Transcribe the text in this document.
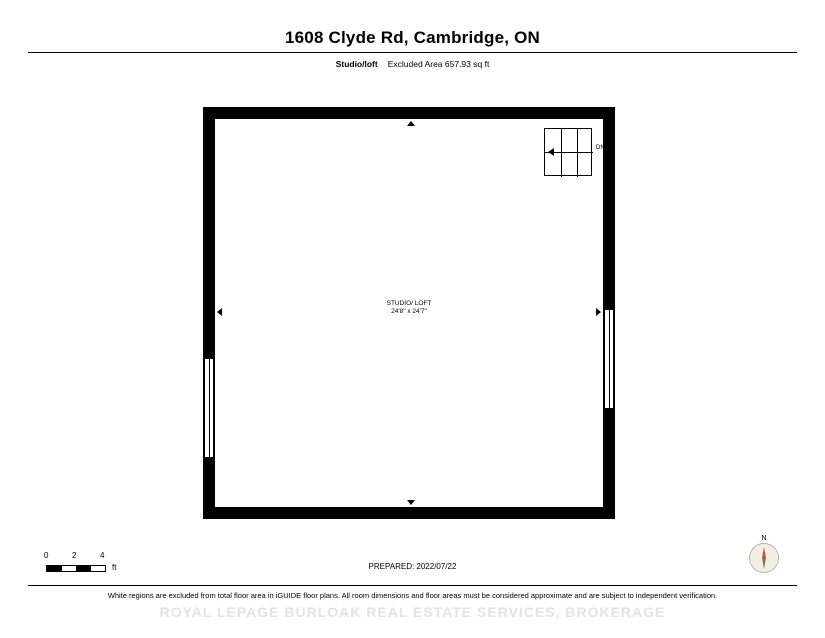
1608 Clyde Rd, Cambridge, ON
Studio/loft Excluded Area 657.93 sq ft
STUDIO/ LOFT
24'8" x 24'7"
DN
0	2	4
ft	PREPARED: 2022/07/22
N
White regions are excluded from total floor area in iGUIDE floor plans. All room dimensions and floor areas must be considered approximate and are subject to independent verification.
ROYAL LEPAGE BURLOAK REAL ESTATE SERVICES, BROKERAGE
